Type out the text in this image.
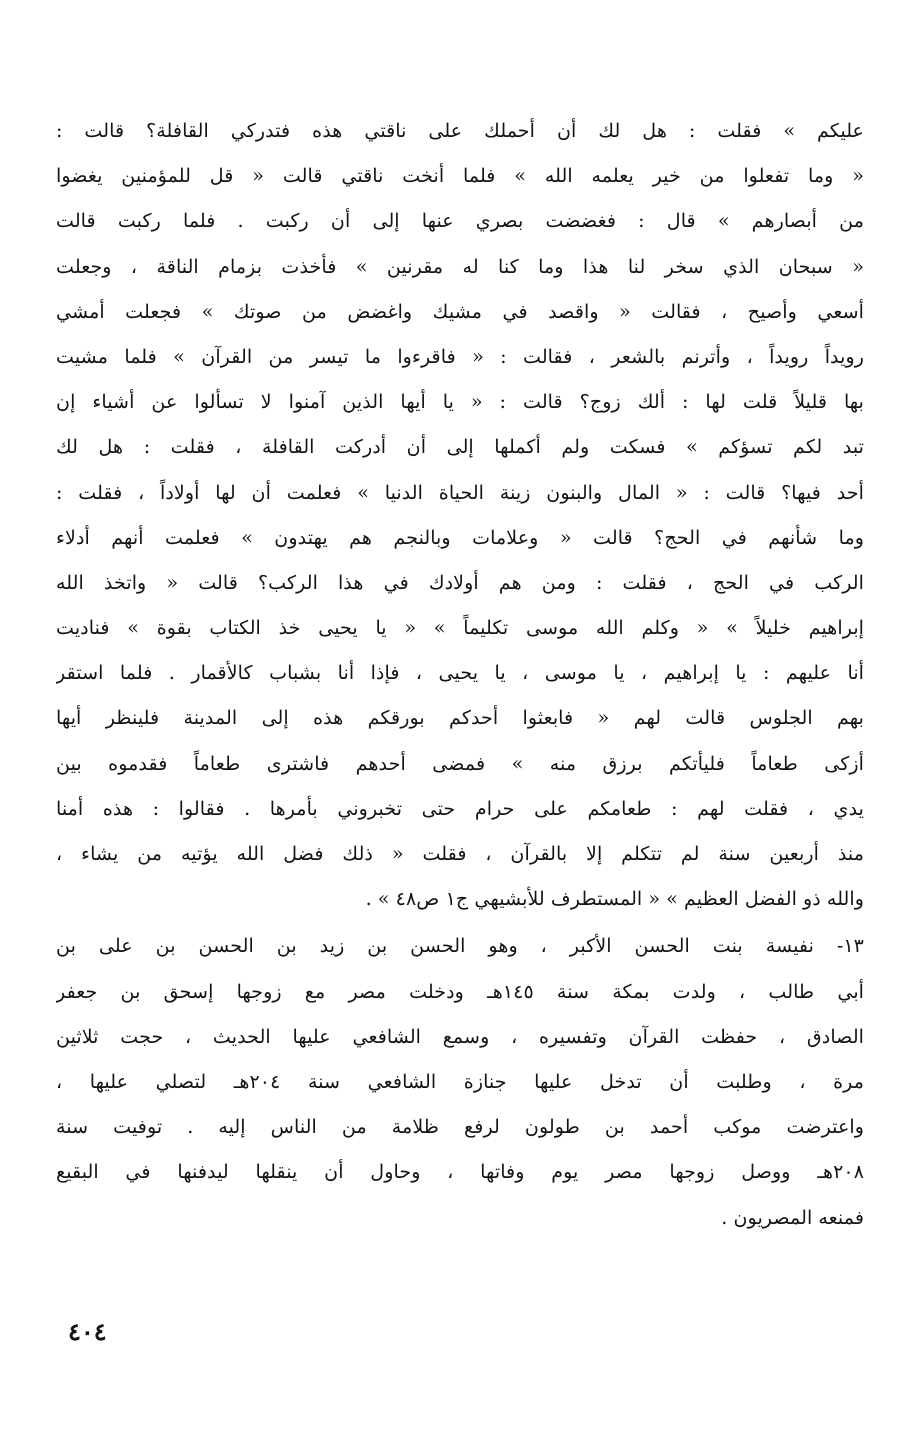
عليكم » فقلت : هل لك أن أحملك على ناقتي هذه فتدركي القافلة؟ قالت :
« وما تفعلوا من خير يعلمه الله » فلما أنخت ناقتي قالت « قل للمؤمنين يغضوا
من أبصارهم » قال : فغضضت بصري عنها إلى أن ركبت . فلما ركبت قالت
« سبحان الذي سخر لنا هذا وما كنا له مقرنين » فأخذت بزمام الناقة ، وجعلت
أسعي وأصيح ، فقالت « واقصد في مشيك واغضض من صوتك » فجعلت أمشي
رويداً رويداً ، وأترنم بالشعر ، فقالت : « فاقرءوا ما تيسر من القرآن » فلما مشيت
بها قليلاً قلت لها : ألك زوج؟ قالت : « يا أيها الذين آمنوا لا تسألوا عن أشياء إن
تبد لكم تسؤكم » فسكت ولم أكملها إلى أن أدركت القافلة ، فقلت : هل لك
أحد فيها؟ قالت : « المال والبنون زينة الحياة الدنيا » فعلمت أن لها أولاداً ، فقلت :
وما شأنهم في الحج؟ قالت « وعلامات وبالنجم هم يهتدون » فعلمت أنهم أدلاء
الركب في الحج ، فقلت : ومن هم أولادك في هذا الركب؟ قالت « واتخذ الله
إبراهيم خليلاً » « وكلم الله موسى تكليماً » « يا يحيى خذ الكتاب بقوة » فناديت
أنا عليهم : يا إبراهيم ، يا موسى ، يا يحيى ، فإذا أنا بشباب كالأقمار . فلما استقر
بهم الجلوس قالت لهم « فابعثوا أحدكم بورقكم هذه إلى المدينة فلينظر أيها
أزكى طعاماً فليأتكم برزق منه » فمضى أحدهم فاشترى طعاماً فقدموه بين
يدي ، فقلت لهم : طعامكم على حرام حتى تخبروني بأمرها . فقالوا : هذه أمنا
منذ أربعين سنة لم تتكلم إلا بالقرآن ، فقلت « ذلك فضل الله يؤتيه من يشاء ،
والله ذو الفضل العظيم » « المستطرف للأبشيهي ج١ ص٤٨ » .
١٣- نفيسة بنت الحسن الأكبر ، وهو الحسن بن زيد بن الحسن بن على بن
أبي طالب ، ولدت بمكة سنة ١٤٥هـ ودخلت مصر مع زوجها إسحق بن جعفر
الصادق ، حفظت القرآن وتفسيره ، وسمع الشافعي عليها الحديث ، حجت ثلاثين
مرة ، وطلبت أن تدخل عليها جنازة الشافعي سنة ٢٠٤هـ لتصلي عليها ،
واعترضت موكب أحمد بن طولون لرفع ظلامة من الناس إليه . توفيت سنة
٢٠٨هـ ووصل زوجها مصر يوم وفاتها ، وحاول أن ينقلها ليدفنها في البقيع
فمنعه المصريون .
٤٠٤
